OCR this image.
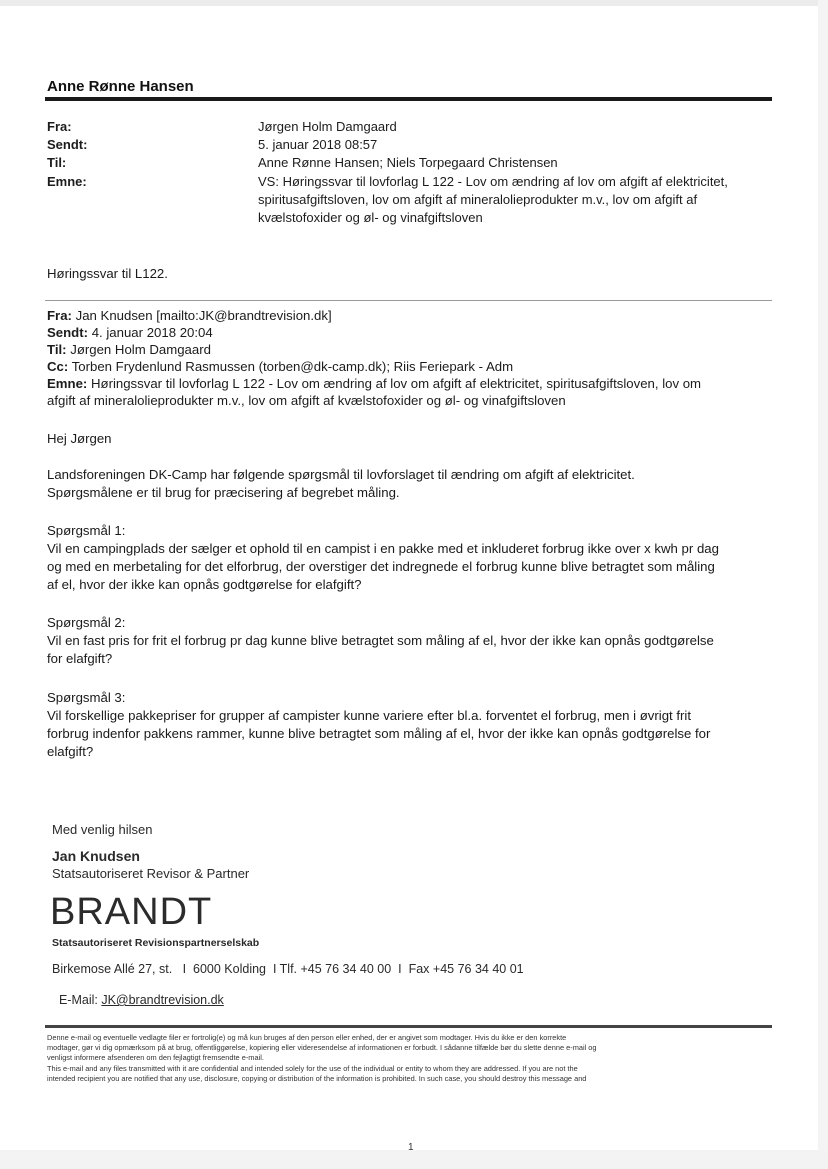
Anne Rønne Hansen
Fra:	Jørgen Holm Damgaard
Sendt:	5. januar 2018 08:57
Til:	Anne Rønne Hansen; Niels Torpegaard Christensen
Emne:	VS: Høringssvar til lovforlag L 122 - Lov om ændring af lov om afgift af elektricitet,
spiritusafgiftsloven, lov om afgift af mineralolieprodukter m.v., lov om afgift af
kvælstofoxider og øl- og vinafgiftsloven
Høringssvar til L122.
Fra: Jan Knudsen [mailto:JK@brandtrevision.dk]
Sendt: 4. januar 2018 20:04
Til: Jørgen Holm Damgaard
Cc: Torben Frydenlund Rasmussen (torben@dk-camp.dk); Riis Feriepark - Adm
Emne: Høringssvar til lovforlag L 122 - Lov om ændring af lov om afgift af elektricitet, spiritusafgiftsloven, lov om
afgift af mineralolieprodukter m.v., lov om afgift af kvælstofoxider og øl- og vinafgiftsloven
Hej Jørgen
Landsforeningen DK-Camp har følgende spørgsmål til lovforslaget til ændring om afgift af elektricitet.
Spørgsmålene er til brug for præcisering af begrebet måling.
Spørgsmål 1:
Vil en campingplads der sælger et ophold til en campist i en pakke med et inkluderet forbrug ikke over x kwh pr dag
og med en merbetaling for det elforbrug, der overstiger det indregnede el forbrug kunne blive betragtet som måling
af el, hvor der ikke kan opnås godtgørelse for elafgift?
Spørgsmål 2:
Vil en fast pris for frit el forbrug pr dag kunne blive betragtet som måling af el, hvor der ikke kan opnås godtgørelse
for elafgift?
Spørgsmål 3:
Vil forskellige pakkepriser for grupper af campister kunne variere efter bl.a. forventet el forbrug, men i øvrigt frit
forbrug indenfor pakkens rammer, kunne blive betragtet som måling af el, hvor der ikke kan opnås godtgørelse for
elafgift?
Med venlig hilsen
Jan Knudsen
Statsautoriseret Revisor & Partner
BRANDT
Statsautoriseret Revisionspartnerselskab
Birkemose Allé 27, st.   I  6000 Kolding  I Tlf. +45 76 34 40 00  I  Fax +45 76 34 40 01

E-Mail: JK@brandtrevision.dk

Denne e-mail og eventuelle vedlagte filer er fortrolig(e) og må kun bruges af den person eller enhed, der er angivet som modtager. Hvis du ikke er den korrekte
modtager, gør vi dig opmærksom på at brug, offentliggørelse, kopiering eller videresendelse af informationen er forbudt. I sådanne tilfælde bør du slette denne e-mail og
venligst informere afsenderen om den fejlagtigt fremsendte e-mail.
This e-mail and any files transmitted with it are confidential and intended solely for the use of the individual or entity to whom they are addressed. If you are not the
intended recipient you are notified that any use, disclosure, copying or distribution of the information is prohibited. In such case, you should destroy this message and
1
